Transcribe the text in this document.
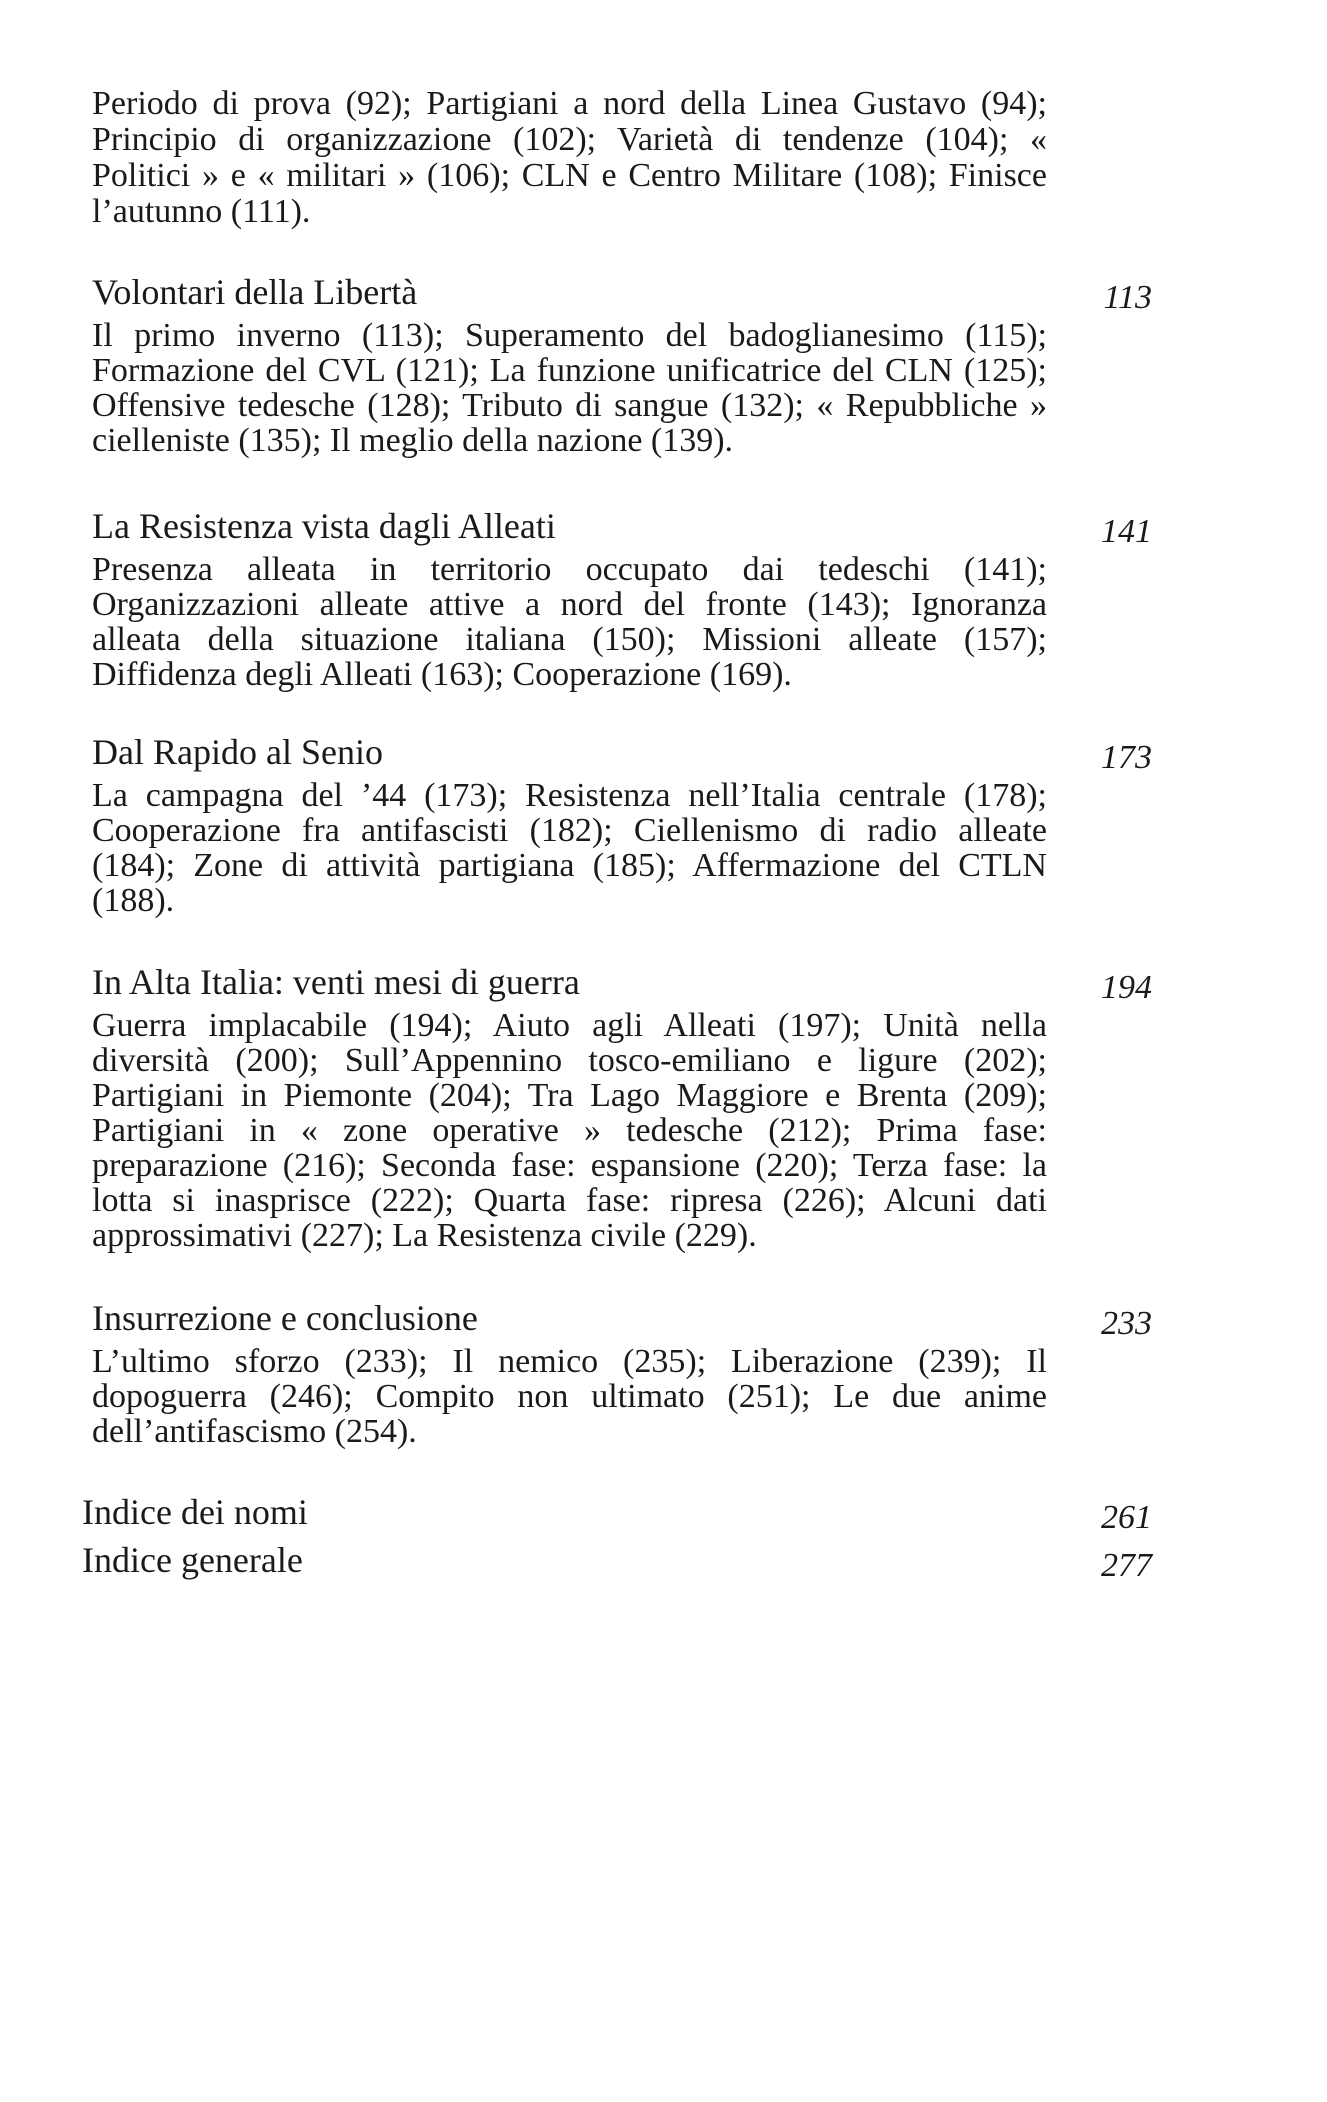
Periodo di prova (92); Partigiani a nord della Linea Gustavo (94); Principio di organizzazione (102); Varietà di tendenze (104); « Politici » e « militari » (106); CLN e Centro Militare (108); Finisce l’autunno (111).

Volontari della Libertà	113
Il primo inverno (113); Superamento del badoglianesimo (115); Formazione del CVL (121); La funzione unificatrice del CLN (125); Offensive tedesche (128); Tributo di sangue (132); « Repubbliche » cielleniste (135); Il meglio della nazione (139).
La Resistenza vista dagli Alleati	141
Presenza alleata in territorio occupato dai tedeschi (141); Organizzazioni alleate attive a nord del fronte (143); Ignoranza alleata della situazione italiana (150); Missioni alleate (157); Diffidenza degli Alleati (163); Cooperazione (169).
Dal Rapido al Senio	173
La campagna del ’44 (173); Resistenza nell’Italia centrale (178); Cooperazione fra antifascisti (182); Ciellenismo di radio alleate (184); Zone di attività partigiana (185); Affermazione del CTLN (188).
In Alta Italia: venti mesi di guerra	194
Guerra implacabile (194); Aiuto agli Alleati (197); Unità nella diversità (200); Sull’Appennino tosco-emiliano e ligure (202); Partigiani in Piemonte (204); Tra Lago Maggiore e Brenta (209); Partigiani in « zone operative » tedesche (212); Prima fase: preparazione (216); Seconda fase: espansione (220); Terza fase: la lotta si inasprisce (222); Quarta fase: ripresa (226); Alcuni dati approssimativi (227); La Resistenza civile (229).
Insurrezione e conclusione	233
L’ultimo sforzo (233); Il nemico (235); Liberazione (239); Il dopoguerra (246); Compito non ultimato (251); Le due anime dell’antifascismo (254).
Indice dei nomi	261
Indice generale	277
